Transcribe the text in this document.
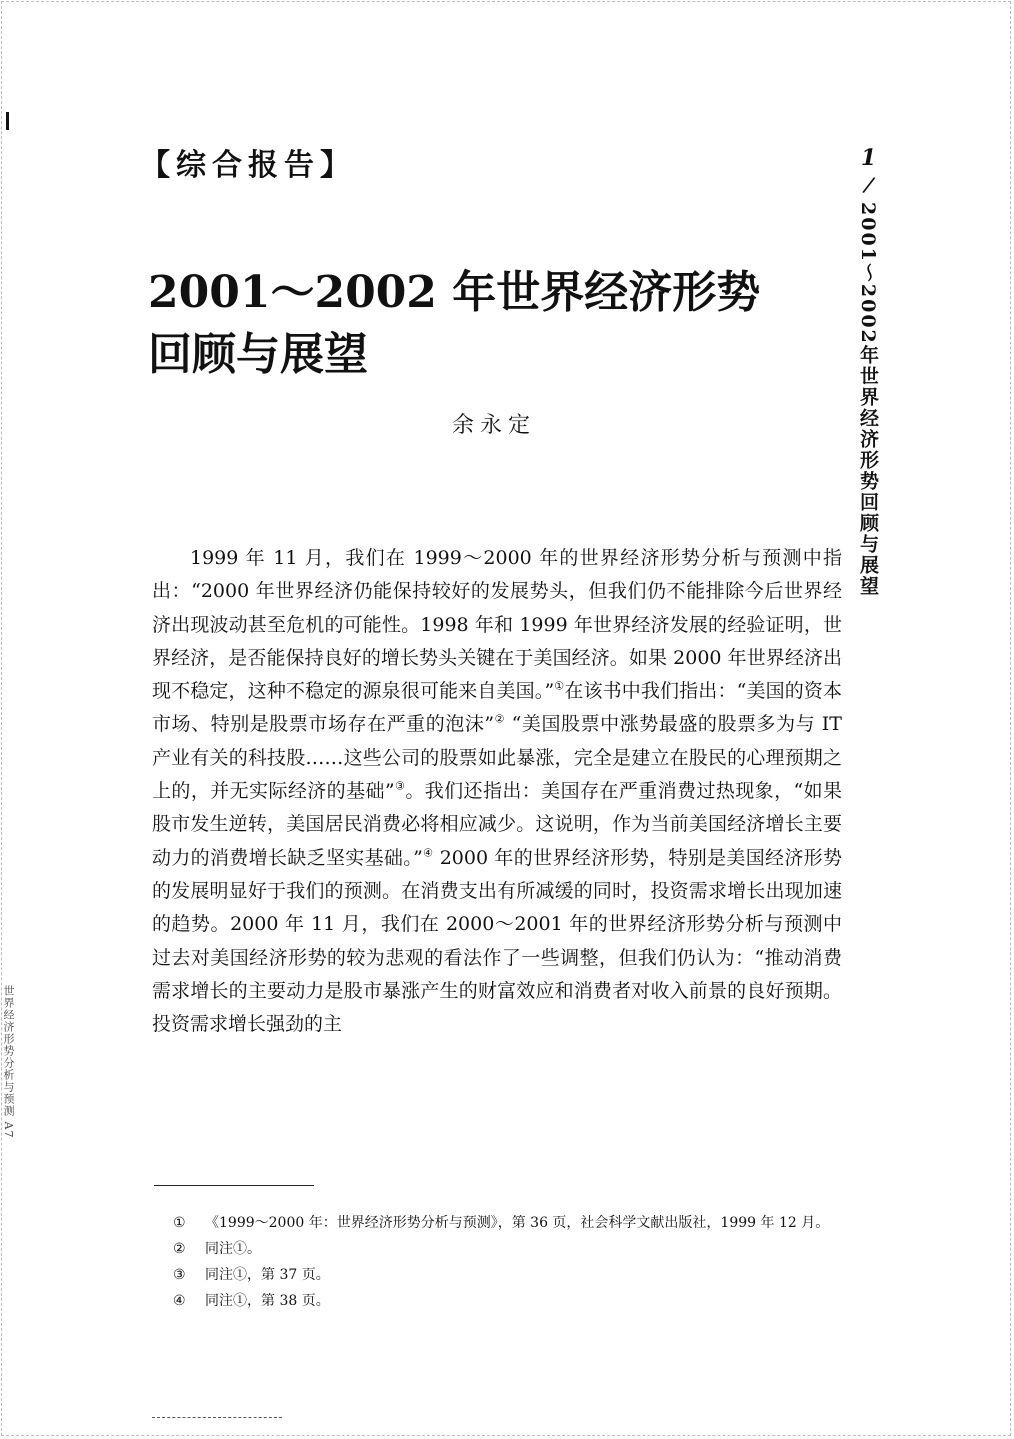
【综合报告】
2001～2002 年世界经济形势
回顾与展望
余永定

1999 年 11 月，我们在 1999～2000 年的世界经济形势分析与预测中指出：“2000 年世界经济仍能保持较好的发展势头，但我们仍不能排除今后世界经济出现波动甚至危机的可能性。1998 年和 1999 年世界经济发展的经验证明，世界经济，是否能保持良好的增长势头关键在于美国经济。如果 2000 年世界经济出现不稳定，这种不稳定的源泉很可能来自美国。”①在该书中我们指出：“美国的资本市场、特别是股票市场存在严重的泡沫”② “美国股票中涨势最盛的股票多为与 IT 产业有关的科技股……这些公司的股票如此暴涨，完全是建立在股民的心理预期之上的，并无实际经济的基础”③。我们还指出：美国存在严重消费过热现象，“如果股市发生逆转，美国居民消费必将相应减少。这说明，作为当前美国经济增长主要动力的消费增长缺乏坚实基础。”④ 2000 年的世界经济形势，特别是美国经济形势的发展明显好于我们的预测。在消费支出有所减缓的同时，投资需求增长出现加速的趋势。2000 年 11 月，我们在 2000～2001 年的世界经济形势分析与预测中过去对美国经济形势的较为悲观的看法作了一些调整，但我们仍认为：“推动消费需求增长的主要动力是股市暴涨产生的财富效应和消费者对收入前景的良好预期。投资需求增长强劲的主

1
/
2001～2002年世界经济形势回顾与展望
世界经济形势分析与预测 A7
①	《1999～2000 年：世界经济形势分析与预测》，第 36 页，社会科学文献出版社，1999 年 12 月。
②	同注①。
③	同注①，第 37 页。
④	同注①，第 38 页。
